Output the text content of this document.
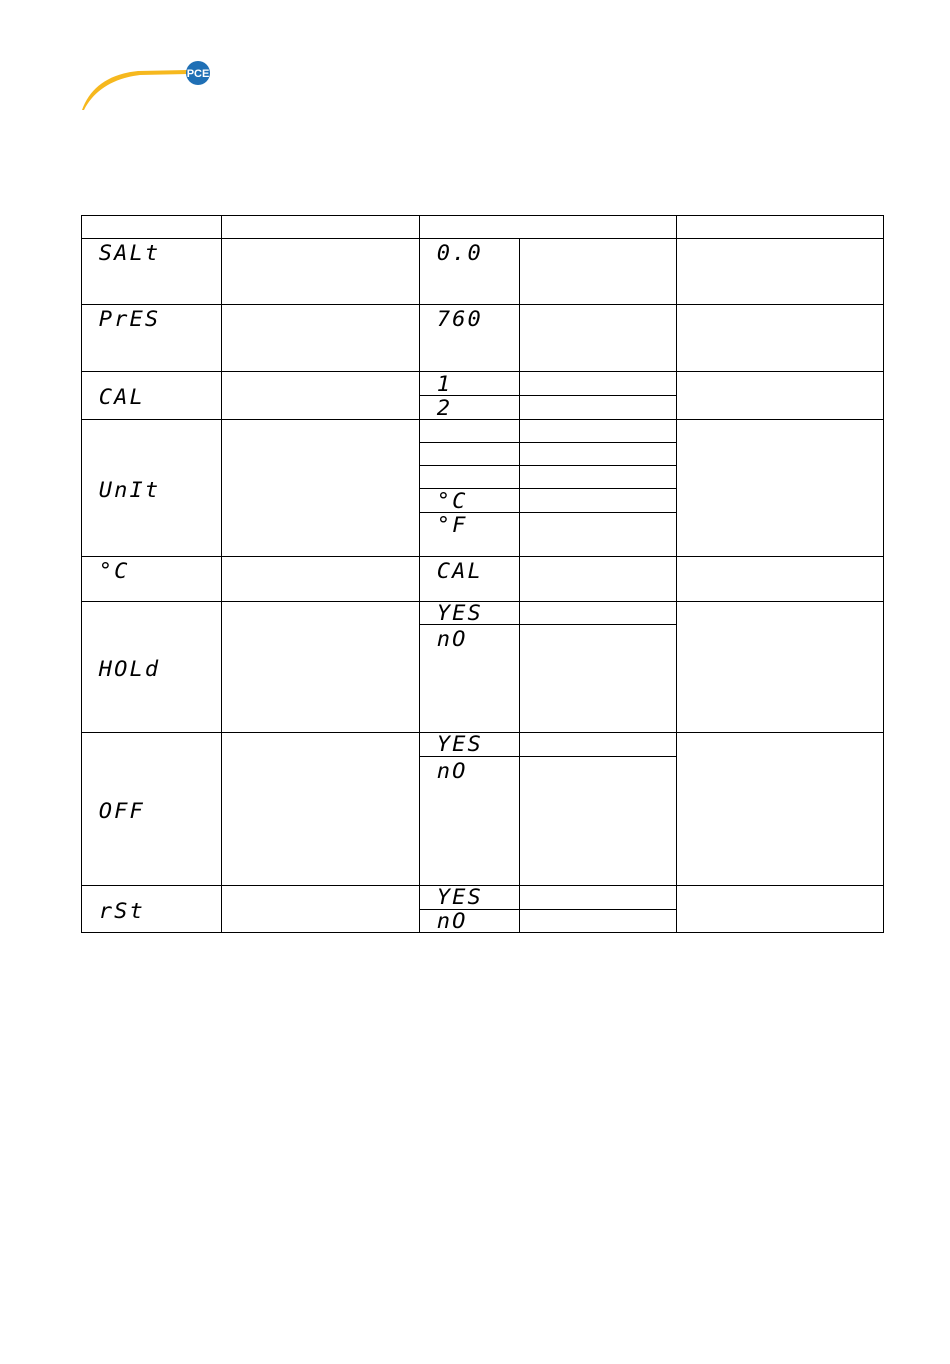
PCE

SALt		0.0		

PrES		760		

CAL		1		

		2		

UnIt				

		°C		

		°F		

°C		CAL		

HOLd		YES		

		nO		

OFF		YES		

		nO		

rSt		YES		

		nO		
